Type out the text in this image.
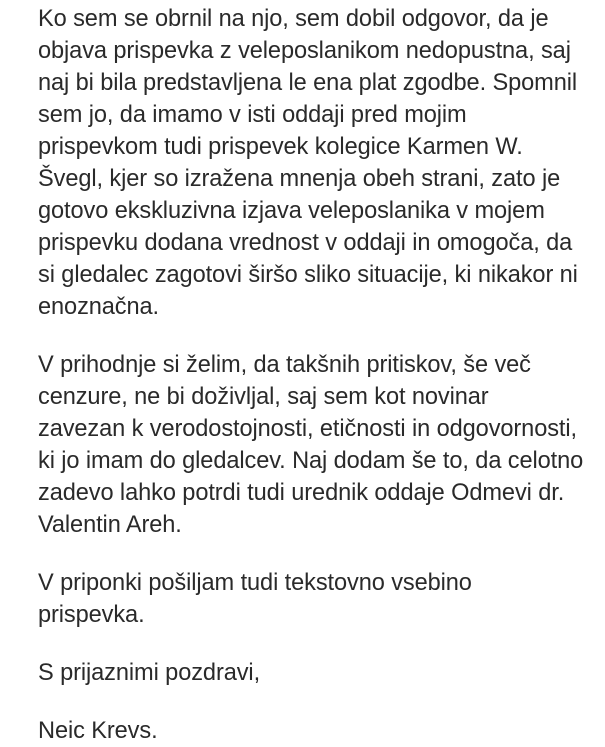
Ko sem se obrnil na njo, sem dobil odgovor, da je
objava prispevka z veleposlanikom nedopustna, saj
naj bi bila predstavljena le ena plat zgodbe. Spomnil
sem jo, da imamo v isti oddaji pred mojim
prispevkom tudi prispevek kolegice Karmen W.
Švegl, kjer so izražena mnenja obeh strani, zato je
gotovo ekskluzivna izjava veleposlanika v mojem
prispevku dodana vrednost v oddaji in omogoča, da
si gledalec zagotovi širšo sliko situacije, ki nikakor ni
enoznačna.
V prihodnje si želim, da takšnih pritiskov, še več
cenzure, ne bi doživljal, saj sem kot novinar
zavezan k verodostojnosti, etičnosti in odgovornosti,
ki jo imam do gledalcev. Naj dodam še to, da celotno
zadevo lahko potrdi tudi urednik oddaje Odmevi dr.
Valentin Areh.
V priponki pošiljam tudi tekstovno vsebino
prispevka.
S prijaznimi pozdravi,
Neic Krevs.
